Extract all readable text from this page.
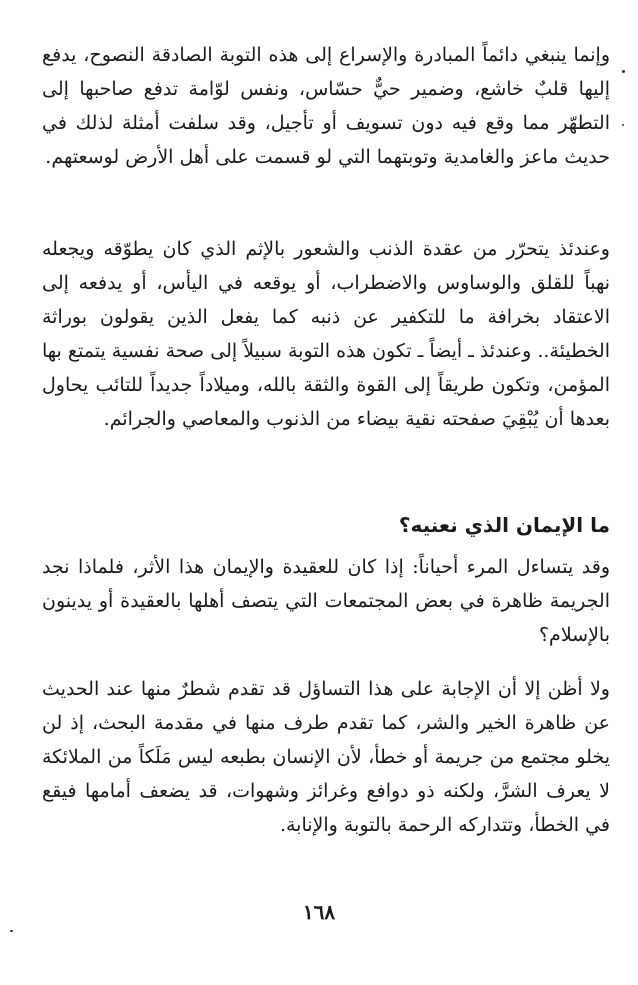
وإنما ينبغي دائماً المبادرة والإسراع إلى هذه التوبة الصادقة النصوح، يدفع إليها قلبٌ خاشع، وضمير حيٌّ حسّاس، ونفس لوّامة تدفع صاحبها إلى التطهّر مما وقع فيه دون تسويف أو تأجيل، وقد سلفت أمثلة لذلك في حديث ماعز والغامدية وتوبتهما التي لو قسمت على أهل الأرض لوسعتهم.

وعندئذ يتحرّر من عقدة الذنب والشعور بالإثم الذي كان يطوّقه ويجعله نهباً للقلق والوساوس والاضطراب، أو يوقعه في اليأس، أو يدفعه إلى الاعتقاد بخرافة ما للتكفير عن ذنبه كما يفعل الذين يقولون بوراثة الخطيئة.. وعندئذ ـ أيضاً ـ تكون هذه التوبة سبيلاً إلى صحة نفسية يتمتع بها المؤمن، وتكون طريقاً إلى القوة والثقة بالله، وميلاداً جديداً للتائب يحاول بعدها أن يُبْقِيَ صفحته نقية بيضاء من الذنوب والمعاصي والجرائم.

ما الإيمان الذي نعنيه؟

وقد يتساءل المرء أحياناً: إذا كان للعقيدة والإيمان هذا الأثر، فلماذا نجد الجريمة ظاهرة في بعض المجتمعات التي يتصف أهلها بالعقيدة أو يدينون بالإسلام؟

ولا أظن إلا أن الإجابة على هذا التساؤل قد تقدم شطرٌ منها عند الحديث عن ظاهرة الخير والشر، كما تقدم طرف منها في مقدمة البحث، إذ لن يخلو مجتمع من جريمة أو خطأ، لأن الإنسان بطبعه ليس مَلَكاً من الملائكة لا يعرف الشرَّ، ولكنه ذو دوافع وغرائز وشهوات، قد يضعف أمامها فيقع في الخطأ، وتتداركه الرحمة بالتوبة والإنابة.

١٦٨
